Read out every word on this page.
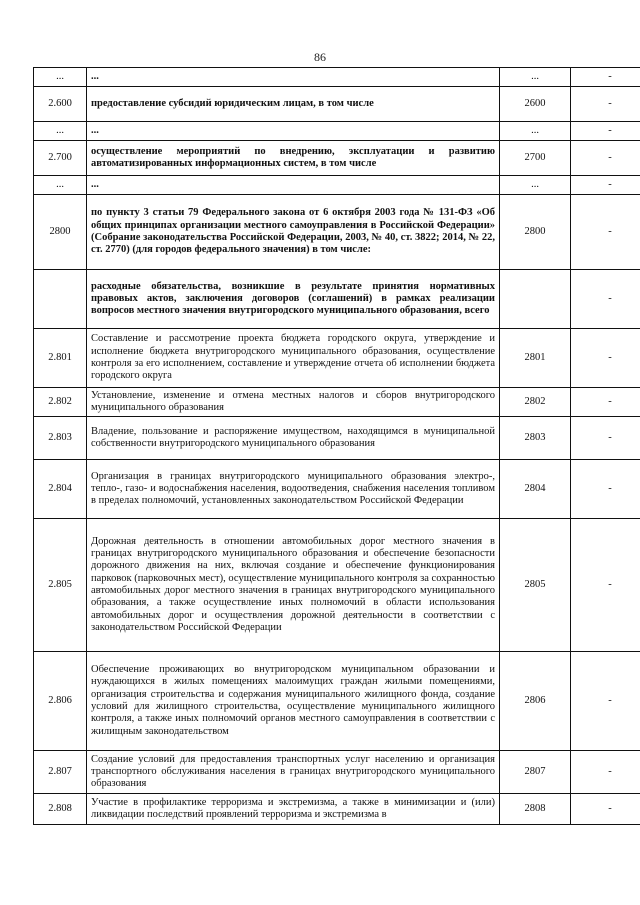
86
...	...	...	-
2.600	предоставление субсидий юридическим лицам, в том числе	2600	-
...	...	...	-
2.700	осуществление мероприятий по внедрению, эксплуатации и развитию автоматизированных информационных систем, в том числе	2700	-
...	...	...	-
2800	по пункту 3 статьи 79 Федерального закона от 6 октября 2003 года № 131-ФЗ «Об общих принципах организации местного самоуправления в Российской Федерации» (Собрание законодательства Российской Федерации, 2003, № 40, ст. 3822; 2014, № 22, ст. 2770) (для городов федерального значения) в том числе:	2800	-
	расходные обязательства, возникшие в результате принятия нормативных правовых актов, заключения договоров (соглашений) в рамках реализации вопросов местного значения внутригородского муниципального образования, всего		-
2.801	Составление и рассмотрение проекта бюджета городского округа, утверждение и исполнение бюджета внутригородского муниципального образования, осуществление контроля за его исполнением, составление и утверждение отчета об исполнении бюджета городского округа	2801	-
2.802	Установление, изменение и отмена местных налогов и сборов внутригородского муниципального образования	2802	-
2.803	Владение, пользование и распоряжение имуществом, находящимся в муниципальной собственности внутригородского муниципального образования	2803	-
2.804	Организация в границах внутригородского муниципального образования электро-, тепло-, газо- и водоснабжения населения, водоотведения, снабжения населения топливом в пределах полномочий, установленных законодательством Российской Федерации	2804	-
2.805	Дорожная деятельность в отношении автомобильных дорог местного значения в границах внутригородского муниципального образования и обеспечение безопасности дорожного движения на них, включая создание и обеспечение функционирования парковок (парковочных мест), осуществление муниципального контроля за сохранностью автомобильных дорог местного значения в границах внутригородского муниципального образования, а также осуществление иных полномочий в области использования автомобильных дорог и осуществления дорожной деятельности в соответствии с законодательством Российской Федерации	2805	-
2.806	Обеспечение проживающих во внутригородском муниципальном образовании и нуждающихся в жилых помещениях малоимущих граждан жилыми помещениями, организация строительства и содержания муниципального жилищного фонда, создание условий для жилищного строительства, осуществление муниципального жилищного контроля, а также иных полномочий органов местного самоуправления в соответствии с жилищным законодательством	2806	-
2.807	Создание условий для предоставления транспортных услуг населению и организация транспортного обслуживания населения в границах внутригородского муниципального образования	2807	-
2.808	Участие в профилактике терроризма и экстремизма, а также в минимизации и (или) ликвидации последствий проявлений терроризма и экстремизма в	2808	-
